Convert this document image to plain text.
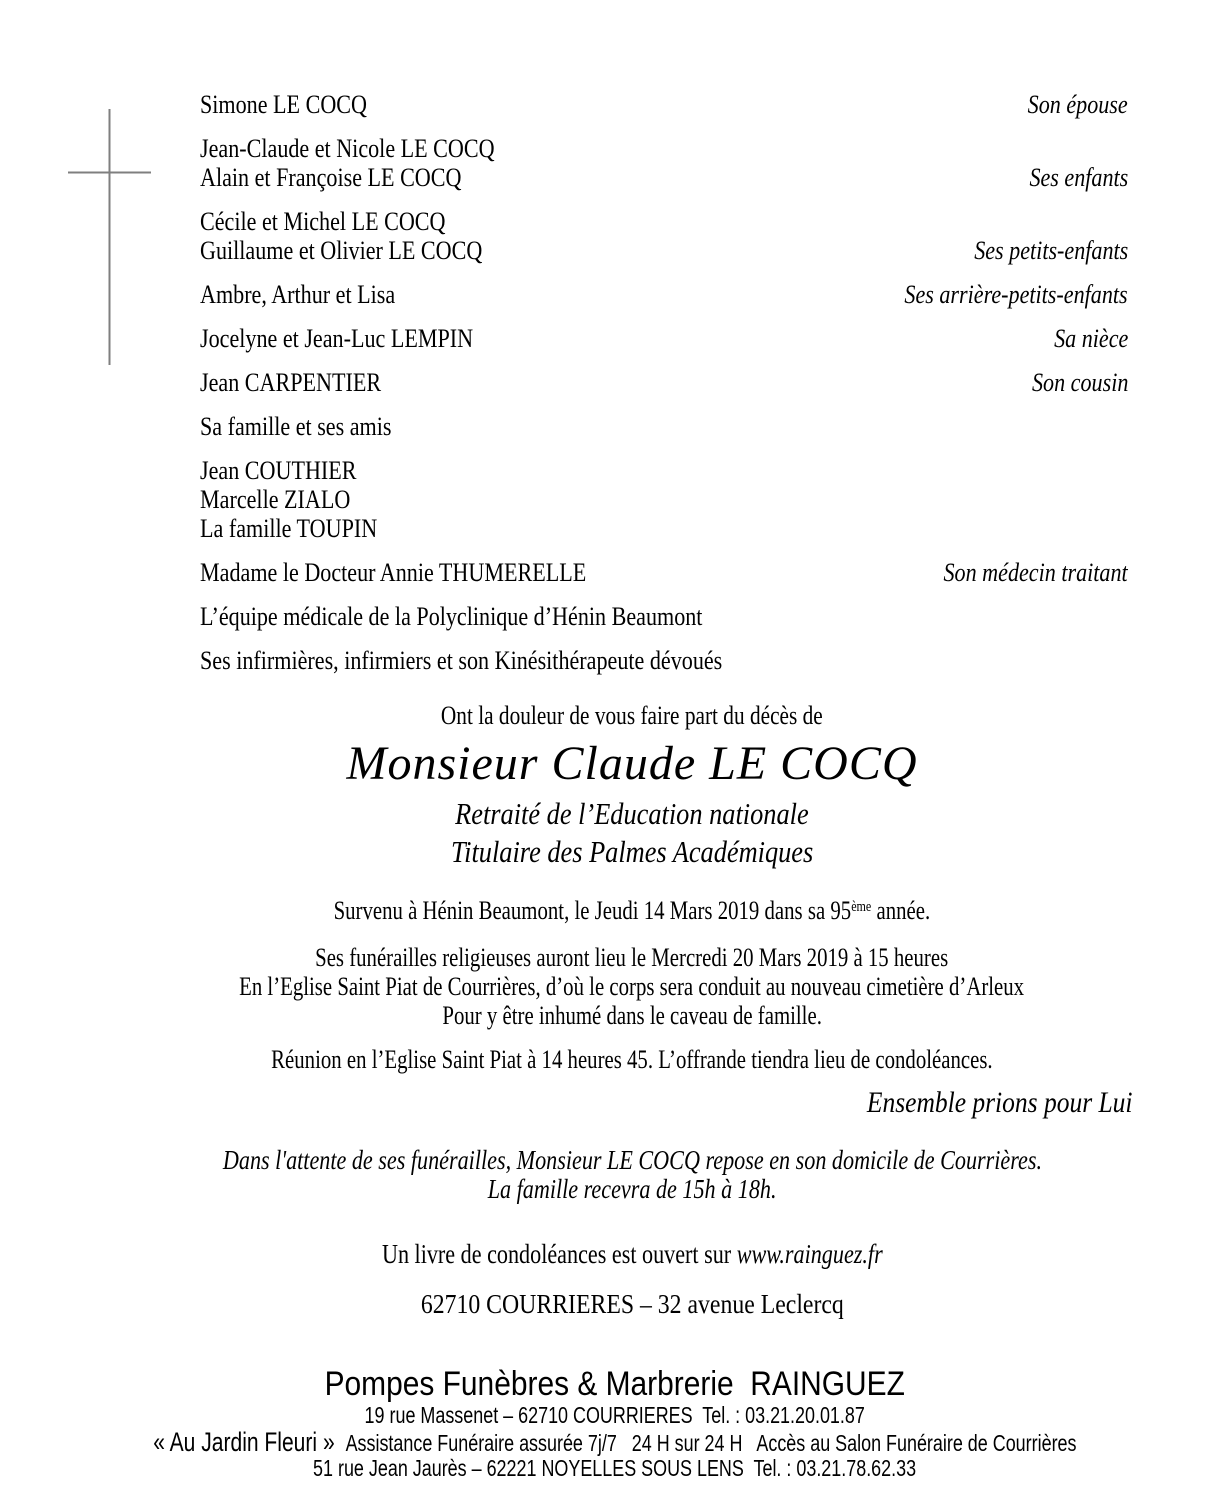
Simone LE COCQ	Son épouse
Jean-Claude et Nicole LE COCQ
Alain et Françoise LE COCQ	Ses enfants
Cécile et Michel LE COCQ
Guillaume et Olivier LE COCQ	Ses petits-enfants
Ambre, Arthur et Lisa	Ses arrière-petits-enfants
Jocelyne et Jean-Luc LEMPIN	Sa nièce
Jean CARPENTIER	Son cousin
Sa famille et ses amis
Jean COUTHIER
Marcelle ZIALO
La famille TOUPIN
Madame le Docteur Annie THUMERELLE	Son médecin traitant
L’équipe médicale de la Polyclinique d’Hénin Beaumont
Ses infirmières, infirmiers et son Kinésithérapeute dévoués
Ont la douleur de vous faire part du décès de
Monsieur Claude LE COCQ
Retraité de l’Education nationale
Titulaire des Palmes Académiques
Survenu à Hénin Beaumont, le Jeudi 14 Mars 2019 dans sa 95ème année.
Ses funérailles religieuses auront lieu le Mercredi 20 Mars 2019 à 15 heures
En l’Eglise Saint Piat de Courrières, d’où le corps sera conduit au nouveau cimetière d’Arleux
Pour y être inhumé dans le caveau de famille.
Réunion en l’Eglise Saint Piat à 14 heures 45. L’offrande tiendra lieu de condoléances.
Ensemble prions pour Lui
Dans l'attente de ses funérailles, Monsieur LE COCQ repose en son domicile de Courrières.
La famille recevra de 15h à 18h.
Un livre de condoléances est ouvert sur www.rainguez.fr
62710 COURRIERES – 32 avenue Leclercq
Pompes Funèbres & Marbrerie  RAINGUEZ
19 rue Massenet – 62710 COURRIERES  Tel. : 03.21.20.01.87
« Au Jardin Fleuri » Assistance Funéraire assurée 7j/7   24 H sur 24 H   Accès au Salon Funéraire de Courrières
51 rue Jean Jaurès – 62221 NOYELLES SOUS LENS  Tel. : 03.21.78.62.33
